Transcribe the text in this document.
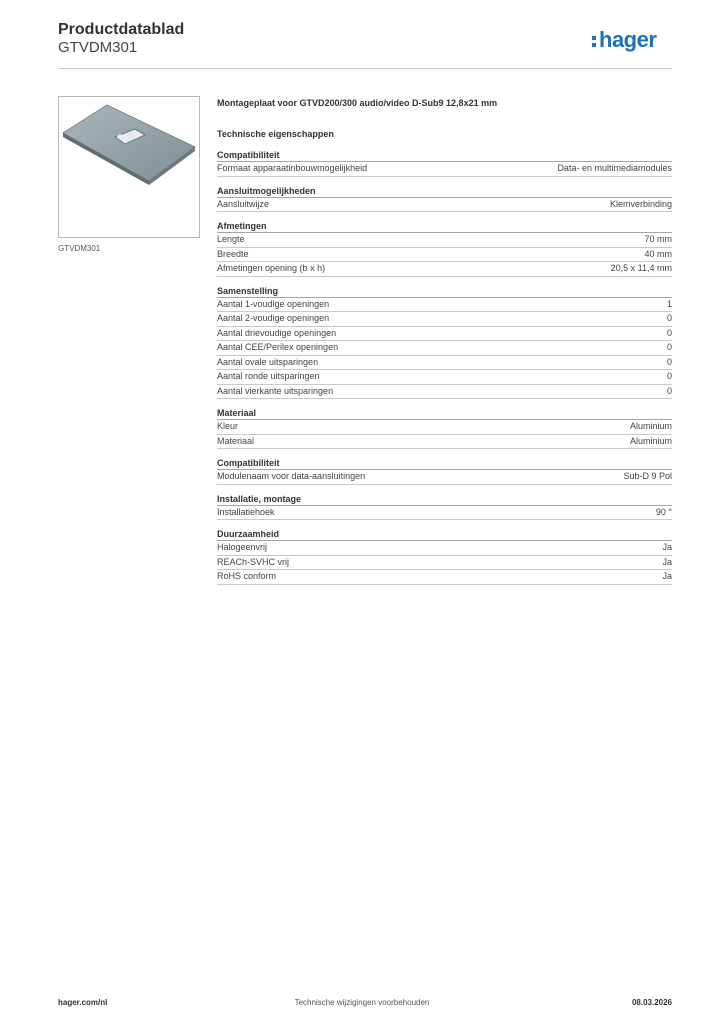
Productdatablad
GTVDM301	hager
GTVDM301
Montageplaat voor GTVD200/300 audio/video D-Sub9 12,8x21 mm
Technische eigenschappen
Compatibiliteit
Formaat apparaatinbouwmogelijkheid	Data- en multimediamodules
Aansluitmogelijkheden
Aansluitwijze	Klemverbinding
Afmetingen
Lengte	70 mm
Breedte	40 mm
Afmetingen opening (b x h)	20,5 x 11,4 mm
Samenstelling
Aantal 1-voudige openingen	1
Aantal 2-voudige openingen	0
Aantal drievoudige openingen	0
Aantal CEE/Perilex openingen	0
Aantal ovale uitsparingen	0
Aantal ronde uitsparingen	0
Aantal vierkante uitsparingen	0
Materiaal
Kleur	Aluminium
Materiaal	Aluminium
Compatibiliteit
Modulenaam voor data-aansluitingen	Sub-D 9 Pol
Installatie, montage
Installatiehoek	90 °
Duurzaamheid
Halogeenvrij	Ja
REACh-SVHC vrij	Ja
RoHS conform	Ja
hager.com/nl	Technische wijzigingen voorbehouden	08.03.2026
